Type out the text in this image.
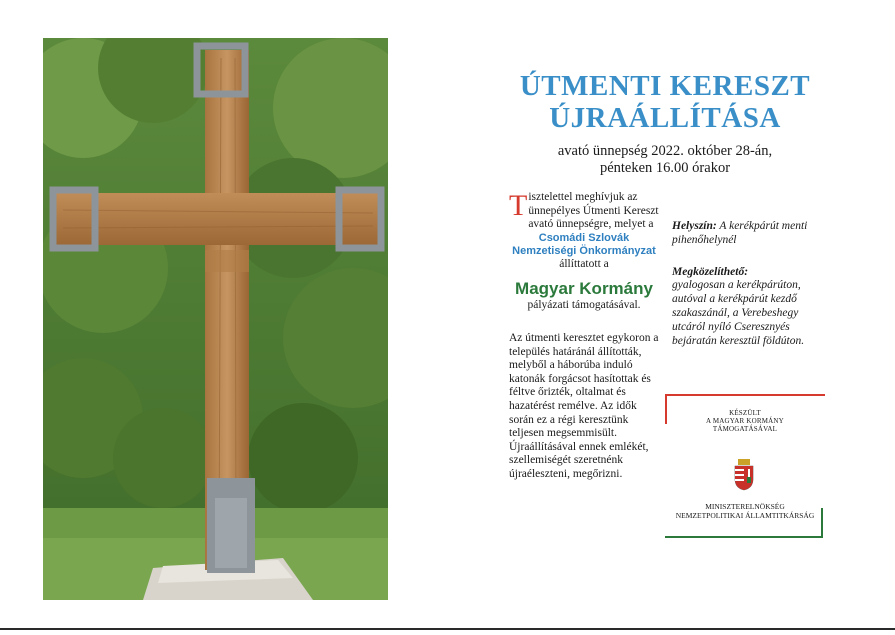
ÚTMENTI KERESZT
ÚJRAÁLLÍTÁSA
avató ünnepség 2022. október 28-án,
pénteken 16.00 órakor
Tisztelettel meghívjuk az ünnepélyes Útmenti Kereszt avató ünnepségre, melyet a
Csomádi Szlovák
Nemzetiségi Önkormányzat
állíttatott a
Magyar Kormány
pályázati támogatásával.
Az útmenti keresztet egykoron a település határánál állították, melyből a háborúba induló katonák forgácsot hasítottak és féltve őrizték, oltalmat és hazatérést remélve. Az idők során ez a régi keresztünk teljesen megsemmisült. Újraállításával ennek emlékét, szellemiségét szeretnénk újraéleszteni, megőrizni.
Helyszín: A kerékpárút menti pihenőhelynél
Megközelíthető:
gyalogosan a kerékpárúton, autóval a kerékpárút kezdő szakaszánál, a Verebeshegy utcáról nyíló Cseresznyés bejáratán keresztül földúton.
KÉSZÜLT
A MAGYAR KORMÁNY
TÁMOGATÁSÁVAL
MINISZTERELNÖKSÉG
NEMZETPOLITIKAI ÁLLAMTITKÁRSÁG
